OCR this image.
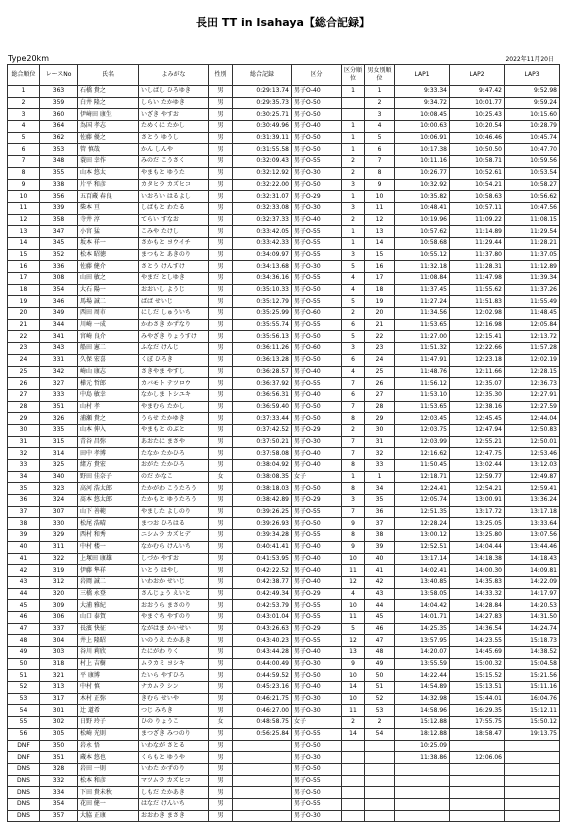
長田 TT in Isahaya【総合記録】
Type20km	2022年11月20日
総合順位	レースNo	氏名	よみがな	性別	総合記録	区分	区分順位	男女別順位	LAP1	LAP2	LAP3
1	363	石橋 貴之	いしばし ひろゆき	男	0:29:13.74	男子O-40	1	1	9:33.34	9:47.42	9:52.98
2	359	白井 隆之	しらい たかゆき	男	0:29:35.73	男子O-50		2	9:34.72	10:01.77	9:59.24
3	360	伊﨑田 康生	いざき やすお	男	0:30:25.71	男子O-50		3	10:08.45	10:25.43	10:15.60
4	364	為国 孝志	ためくに たかし	男	0:30:49.96	男子O-40	1	4	10:00.63	10:20.54	10:28.79
5	362	佐藤 優之	さとう ゆうし	男	0:31:39.11	男子O-50	1	5	10:06.91	10:46.46	10:45.74
6	353	管 慎哉	かん しんや	男	0:31:55.58	男子O-50	1	6	10:17.38	10:50.50	10:47.70
7	348	蓑田 幸作	みのだ こうさく	男	0:32:09.43	男子O-55	2	7	10:11.16	10:58.71	10:59.56
8	355	山本 悠太	やまもと ゆうた	男	0:32:12.92	男子O-30	2	8	10:26.77	10:52.61	10:53.54
9	338	片平 和彦	カタヒラ カズヒコ	男	0:32:22.00	男子O-50	3	9	10:32.92	10:54.21	10:58.27
10	356	五百蔵 春良	いおろい はるよし	男	0:32:31.07	男子O-29	1	10	10:35.82	10:58.63	10:56.62
11	339	柴本 亘	しばもと わたる	男	0:32:33.08	男子O-30	3	11	10:48.41	10:57.11	10:47.56
12	358	寺井 淳	てらい すなお	男	0:32:37.33	男子O-40	2	12	10:19.96	11:09.22	11:08.15
13	347	小宮 猛	こみや たけし	男	0:33:42.05	男子O-55	1	13	10:57.62	11:14.89	11:29.54
14	345	坂本 祥一	さかもと ヨウイチ	男	0:33:42.33	男子O-55	1	14	10:58.68	11:29.44	11:28.21
15	352	松本 昭徳	まつもと あきのり	男	0:34:09.97	男子O-55	3	15	10:55.12	11:37.80	11:37.05
16	336	佐藤 健介	さとう けんすけ	男	0:34:13.68	男子O-30	5	16	11:32.18	11:28.31	11:12.89
17	308	山田 敏之	やまだ としゆき	男	0:34:36.16	男子O-55	4	17	11:08.84	11:47.98	11:39.34
18	354	大石 陽一	おおいし ようじ	男	0:35:10.33	男子O-50	4	18	11:37.45	11:55.62	11:37.26
19	346	馬場 誠二	ばば せいじ	男	0:35:12.79	男子O-55	5	19	11:27.24	11:51.83	11:55.49
20	349	西田 周市	にしだ しゅういち	男	0:35:25.99	男子O-60	2	20	11:34.56	12:02.98	11:48.45
21	344	川崎 一成	かわさき かずなり	男	0:35:55.74	男子O-55	6	21	11:53.65	12:16.98	12:05.84
22	341	宮崎 良介	みやざき りょうすけ	男	0:35:56.13	男子O-50	5	22	11:27.00	12:15.41	12:13.72
23	343	船田 憲二	ふなだ けんじ	男	0:36:11.26	男子O-60	3	23	11:51.32	12:22.66	11:57.28
24	331	久保 宏喜	くぼ ひろき	男	0:36:13.28	男子O-50	6	24	11:47.91	12:23.18	12:02.19
25	342	崎山 康志	さきやま やすし	男	0:36:28.57	男子O-40	4	25	11:48.76	12:11.66	12:28.15
26	327	樺元 哲郎	カバモト テツロウ	男	0:36:37.92	男子O-55	7	26	11:56.12	12:35.07	12:36.73
27	333	中島 敏幸	なかしま トシユキ	男	0:36:56.31	男子O-40	6	27	11:53.10	12:35.30	12:27.91
28	351	山村 孝	やまむら たかし	男	0:36:59.40	男子O-50	7	28	11:53.65	12:38.16	12:27.59
29	326	浦瀬 貴之	うらせ たかゆき	男	0:37:33.44	男子O-50	8	29	12:03.45	12:45.45	12:44.04
30	335	山本 伸入	やまもと のぶと	男	0:37:42.52	男子O-29	2	30	12:03.75	12:47.94	12:50.83
31	315	青谷 昌弥	あおたに まさや	男	0:37:50.21	男子O-30	7	31	12:03.99	12:55.21	12:50.01
32	314	田中 孝博	たなか たかひろ	男	0:37:58.08	男子O-40	7	32	12:16.62	12:47.75	12:53.46
33	325	緒方 貴宏	おがた たかひろ	男	0:38:04.92	男子O-40	8	33	11:50.45	13:02.44	13:12.03
34	340	野田 佳奈子	のだ かなこ	女	0:38:08.35	女子	1	1	12:18.71	12:59.77	12:49.87
35	323	高河 浩太郎	たかがわ こうたろう	男	0:38:18.03	男子O-50	8	34	12:24.41	12:54.21	12:59.41
36	324	髙本 悠太郎	たかもと ゆうたろう	男	0:38:42.89	男子O-29	3	35	12:05.74	13:00.91	13:36.24
37	307	山下 善範	やました よしのり	男	0:39:26.25	男子O-55	7	36	12:51.35	13:17.72	13:17.18
38	330	松尾 浩晴	まつお ひろはる	男	0:39:26.93	男子O-50	9	37	12:28.24	13:25.05	13:33.64
39	329	西村 和秀	ニシムラ カズヒデ	男	0:39:34.28	男子O-55	8	38	13:00.12	13:25.80	13:07.56
40	311	中村 楼一	なかむら けんいち	男	0:40:41.41	男子O-40	9	39	12:52.51	14:04.44	13:44.46
41	322	上塚田 康雄	しづか やすお	男	0:41:53.95	男子O-40	10	40	13:17.14	14:18.38	14:18.43
42	319	伊藤 隼祥	いとう はやし	男	0:42:22.52	男子O-40	11	41	14:02.41	14:00.30	14:09.81
43	312	岩岡 誠二	いわおか せいじ	男	0:42:38.77	男子O-40	12	42	13:40.85	14:35.83	14:22.09
44	320	三橋 永登	さんじょう えいと	男	0:42:49.34	男子O-29	4	43	13:58.05	14:33.32	14:17.97
45	309	大浦 雅紀	おおうら まさのり	男	0:42:53.79	男子O-55	10	44	14:04.42	14:28.84	14:20.53
46	306	山口 泰賀	やまぐち やすのり	男	0:43:01.04	男子O-55	11	45	14:01.71	14:27.83	14:31.50
47	337	長濱 快征	ながはま かいせい	男	0:43:26.63	男子O-29	5	46	14:25.35	14:36.54	14:24.74
48	304	井上 隆昭	いのうえ たかあき	男	0:43:40.23	男子O-55	12	47	13:57.95	14:23.55	15:18.73
49	303	谷川 莉欣	たにがわ りく	男	0:43:44.28	男子O-40	13	48	14:20.07	14:45.69	14:38.52
50	318	村上 吉樹	ムラカミ ヨシキ	男	0:44:00.49	男子O-30	9	49	13:55.59	15:00.32	15:04.58
51	321	平 康博	たいら やすひろ	男	0:44:59.52	男子O-50	10	50	14:22.44	15:15.52	15:21.56
52	313	中村 慎	ナカムラ シン	男	0:45:23.16	男子O-40	14	51	14:54.89	15:13.51	15:11.16
53	317	木村 正弥	きむら せいや	男	0:46:21.75	男子O-30	10	52	14:32.98	15:44.01	16:04.76
54	301	辻 道希	つじ みちき	男	0:46:27.00	男子O-30	11	53	14:58.96	16:29.35	15:12.11
55	302	日野 玲子	ひの りょうこ	女	0:48:58.75	女子	2	2	15:12.88	17:55.75	15:50.12
56	305	松崎 光則	まつざき みつのり	男	0:56:25.84	男子O-55	14	54	18:12.88	18:58.47	19:13.75
DNF	350	岩永 悟	いわなが さとる	男		男子O-50			10:25.09		
DNF	351	蔵本 悠也	くらもと ゆうや	男		男子O-30			11:38.86	12:06.06	
DNS	328	岩田 一則	いわた かずのり	男		男子O-50					
DNS	332	松本 和彦	マツムラ カズヒコ	男		男子O-55					
DNS	334	下田 貴未秋	しもだ たかあき	男		男子O-50					
DNS	354	花田 健一	はなだ けんいち	男		男子O-55					
DNS	357	大脇 正康	おおわき まさき	男		男子O-30					
